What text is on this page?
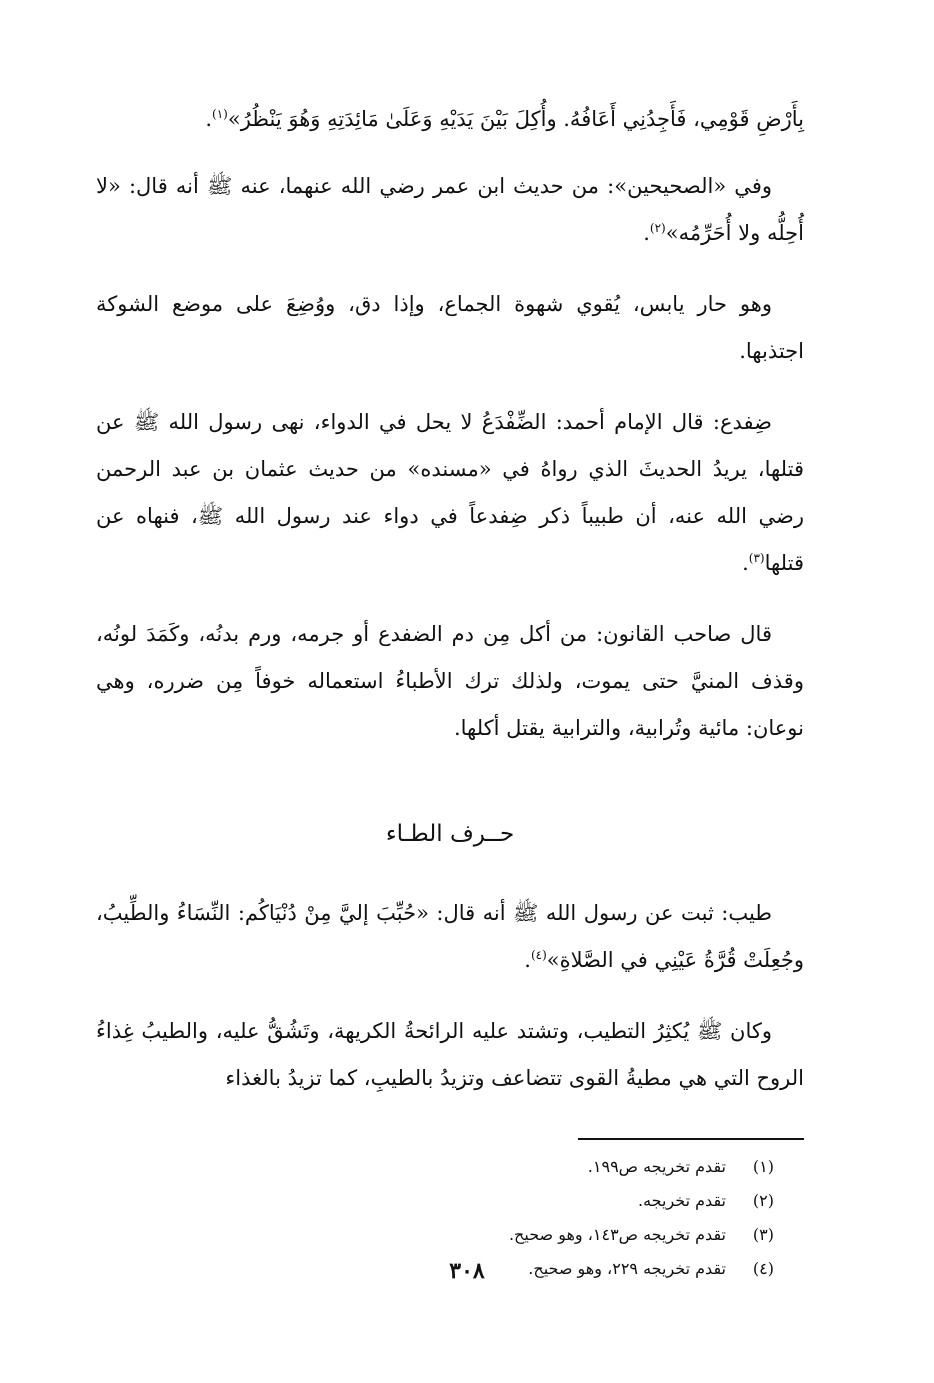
بِأَرْضِ قَوْمِي، فَأَجِدُنِي أَعَافُهُ. وأُكِلَ بَيْنَ يَدَيْهِ وَعَلَىٰ مَائِدَتِهِ وَهُوَ يَنْظُرُ»$^{(١)}$.

وفي «الصحيحين»: من حديث ابن عمر رضي الله عنهما، عنه ﷺ أنه قال: «لا أُحِلُّه ولا أُحَرِّمُه»$^{(٢)}$.

وهو حار يابس، يُقوي شهوة الجماع، وإذا دق، ووُضِعَ على موضع الشوكة اجتذبها.

ضِفدع: قال الإمام أحمد: الضِّفْدَعُ لا يحل في الدواء، نهى رسول الله ﷺ عن قتلها، يريدُ الحديثَ الذي رواهُ في «مسنده» من حديث عثمان بن عبد الرحمن رضي الله عنه، أن طبيباً ذكر ضِفدعاً في دواء عند رسول الله ﷺ، فنهاه عن قتلها$^{(٣)}$.

قال صاحب القانون: من أكل مِن دم الضفدع أو جرمه، ورم بدنُه، وكَمَدَ لونُه، وقذف المنيَّ حتى يموت، ولذلك ترك الأطباءُ استعماله خوفاً مِن ضرره، وهي نوعان: مائية وتُرابية، والترابية يقتل أكلها.

حــرف الطـاء

طيب: ثبت عن رسول الله ﷺ أنه قال: «حُبِّبَ إليَّ مِنْ دُنْيَاكُم: النِّسَاءُ والطِّيبُ، وجُعِلَتْ قُرَّةُ عَيْنِي في الصَّلاةِ»$^{(٤)}$.

وكان ﷺ يُكثِرُ التطيب، وتشتد عليه الرائحةُ الكريهة، وتَشُقُّ عليه، والطيبُ غِذاءُ الروح التي هي مطيةُ القوى تتضاعف وتزيدُ بالطيبِ، كما تزيدُ بالغذاء

(١)تقدم تخريجه ص١٩٩.
(٢)تقدم تخريجه.
(٣)تقدم تخريجه ص١٤٣، وهو صحيح.
(٤)تقدم تخريجه ٢٢٩، وهو صحيح.
٣٠٨
